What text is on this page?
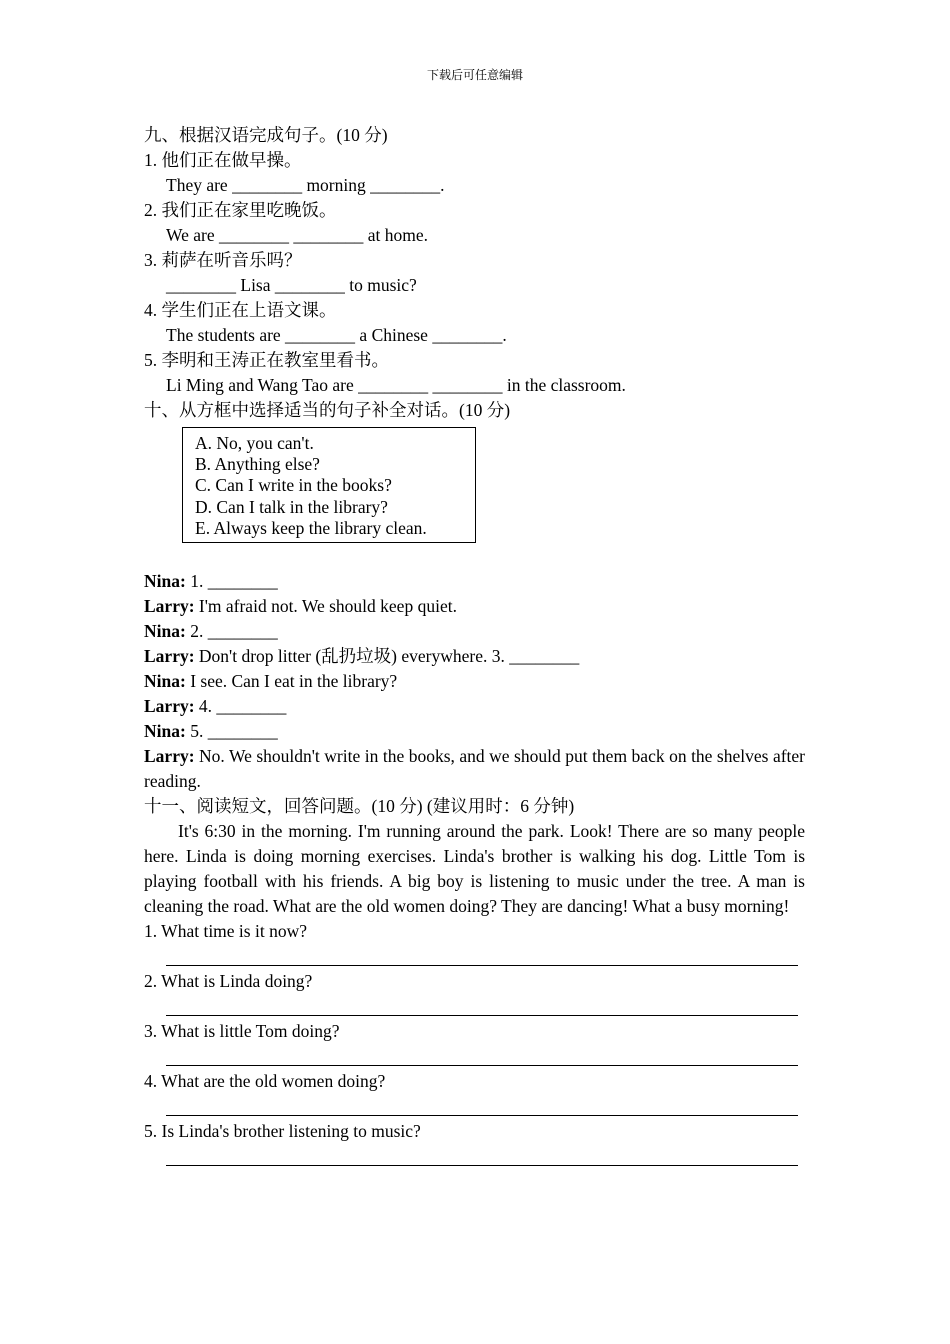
下载后可任意编辑
九、根据汉语完成句子。(10 分)
1. 他们正在做早操。
They are ________ morning ________.
2. 我们正在家里吃晚饭。
We are ________ ________ at home.
3. 莉萨在听音乐吗？
________ Lisa ________ to music?
4. 学生们正在上语文课。
The students are ________ a Chinese ________.
5. 李明和王涛正在教室里看书。
Li Ming and Wang Tao are ________ ________ in the classroom.
十、从方框中选择适当的句子补全对话。(10 分)
A. No, you can't.
B. Anything else?
C. Can I write in the books?
D. Can I talk in the library?
E. Always keep the library clean.
Nina: 1. ________
Larry: I'm afraid not. We should keep quiet.
Nina: 2. ________
Larry: Don't drop litter (乱扔垃圾) everywhere. 3. ________
Nina: I see. Can I eat in the library?
Larry: 4. ________
Nina: 5. ________
Larry: No. We shouldn't write in the books, and we should put them back on the shelves after reading.
十一、阅读短文，回答问题。(10 分) (建议用时：6 分钟)
It's 6:30 in the morning. I'm running around the park. Look! There are so many people here. Linda is doing morning exercises. Linda's brother is walking his dog. Little Tom is playing football with his friends. A big boy is listening to music under the tree. A man is cleaning the road. What are the old women doing? They are dancing! What a busy morning!
1. What time is it now?
2. What is Linda doing?
3. What is little Tom doing?
4. What are the old women doing?
5. Is Linda's brother listening to music?
